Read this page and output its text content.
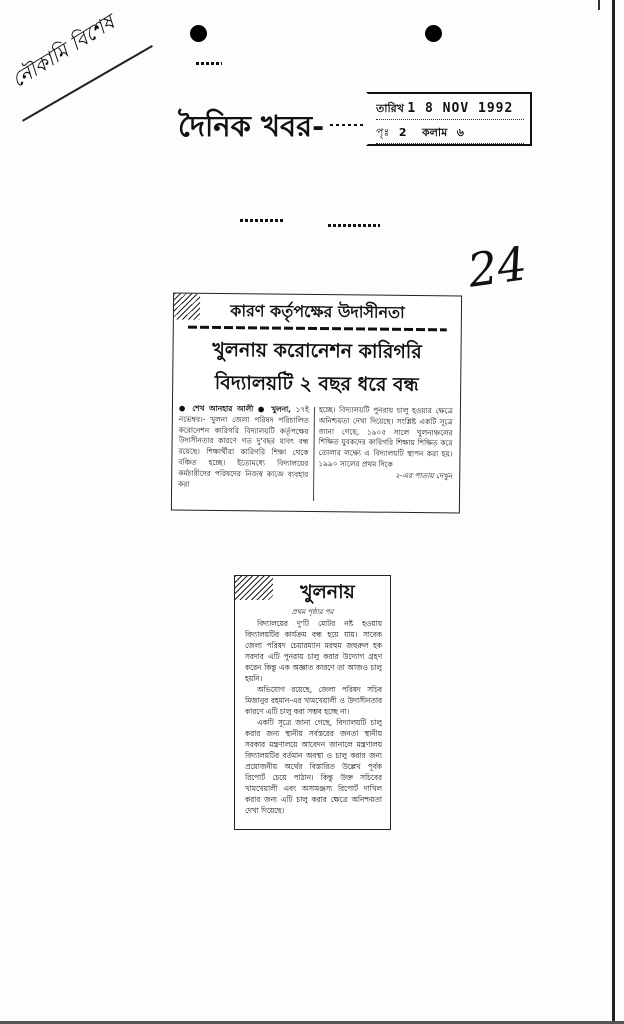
নৌকামি বিশেষ
24
দৈনিক খবর-
তারিখ 1 8 NOV 1992
পৃঃ 2 কলাম ৬
কারণ কর্তৃপক্ষের উদাসীনতা
খুলনায় করোনেশন কারিগরি
বিদ্যালয়টি ২ বছর ধরে বন্ধ
● শেখ আনহার আলী ● খুলনা, ১৭ই নভেম্বর।- খুলনা জেলা পরিষদ পরিচালিত করোনেশন কারিগরি বিদ্যালয়টি কর্তৃপক্ষের উদাসীনতার কারণে গত দু'বছর যাবৎ বন্ধ রয়েছে। শিক্ষার্থীরা কারিগরি শিক্ষা থেকে বঞ্চিত হচ্ছে। ইতোমধ্যে বিদ্যালয়ের কর্মচারীদের পরিষদের নিজস্ব কাজে ব্যবহার করা
হচ্ছে। বিদ্যালয়টি পুনরায় চালু হওয়ার ক্ষেত্রে অনিশ্চয়তা দেখা দিয়েছে। সংশ্লিষ্ট একটি সূত্রে জানা গেছে, ১৯০৫ সালে খুলনাঞ্চলের শিক্ষিত যুবকদের কারিগরি শিক্ষায় শিক্ষিত করে তোলার লক্ষ্যে এ বিদ্যালয়টি স্থাপন করা হয়। ১৯৯০ সালের প্রথম দিকে
২-এর পাতায় দেখুন
খুলনায়
প্রথম পৃষ্ঠার পর

বিদ্যালয়ের দু'টি মোটর নষ্ট হওয়ায় বিদ্যালয়টির কার্যক্রম বন্ধ হয়ে যায়। সাবেক জেলা পরিষদ চেয়ারম্যান মরহুম জহুরুল হক সরদার এটি পুনরায় চালু করার উদ্যোগ গ্রহণ করেন কিন্তু এক অজ্ঞাত কারণে তা আজও চালু হয়নি।

অভিযোগ রয়েছে, জেলা পরিষদ সচিব মিজানুর রহমান-এর খামখেয়ালী ও উদাসীনতার কারণে এটি চালু করা সম্ভব হচ্ছে না।

একটি সূত্রে জানা গেছে, বিদ্যালয়টি চালু করার জন্য স্থানীয় সর্বস্তরের জনতা স্থানীয় সরকার মন্ত্রণালয়ে আবেদন জানালে মন্ত্রণালয় বিদ্যালয়টির বর্তমান অবস্থা ও চালু করার জন্য প্রয়োজনীয় অর্থের বিস্তারিত উল্লেখ পূর্বক রিপোর্ট চেয়ে পাঠান। কিন্তু উক্ত সচিবের খামখেয়ালী এবং অসামঞ্জস্য রিপোর্ট দাখিল করার জন্য এটি চালু করার ক্ষেত্রে অনিশ্চয়তা দেখা দিয়েছে।
